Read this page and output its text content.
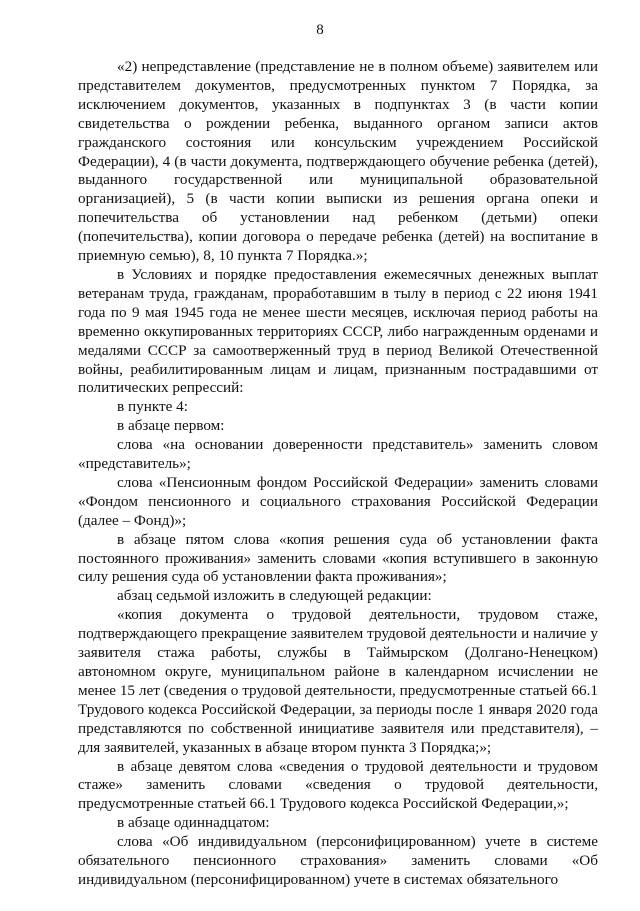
8

«2) непредставление (представление не в полном объеме) заявителем или представителем документов, предусмотренных пунктом 7 Порядка, за исключением документов, указанных в подпунктах 3 (в части копии свидетельства о рождении ребенка, выданного органом записи актов гражданского состояния или консульским учреждением Российской Федерации), 4 (в части документа, подтверждающего обучение ребенка (детей), выданного государственной или муниципальной образовательной организацией), 5 (в части копии выписки из решения органа опеки и попечительства об установлении над ребенком (детьми) опеки (попечительства), копии договора о передаче ребенка (детей) на воспитание в приемную семью), 8, 10 пункта 7 Порядка.»;

в Условиях и порядке предоставления ежемесячных денежных выплат ветеранам труда, гражданам, проработавшим в тылу в период с 22 июня 1941 года по 9 мая 1945 года не менее шести месяцев, исключая период работы на временно оккупированных территориях СССР, либо награжденным орденами и медалями СССР за самоотверженный труд в период Великой Отечественной войны, реабилитированным лицам и лицам, признанным пострадавшими от политических репрессий:

в пункте 4:

в абзаце первом:

слова «на основании доверенности представитель» заменить словом «представитель»;

слова «Пенсионным фондом Российской Федерации» заменить словами «Фондом пенсионного и социального страхования Российской Федерации (далее – Фонд)»;

в абзаце пятом слова «копия решения суда об установлении факта постоянного проживания» заменить словами «копия вступившего в законную силу решения суда об установлении факта проживания»;

абзац седьмой изложить в следующей редакции:

«копия документа о трудовой деятельности, трудовом стаже, подтверждающего прекращение заявителем трудовой деятельности и наличие у заявителя стажа работы, службы в Таймырском (Долгано-Ненецком) автономном округе, муниципальном районе в календарном исчислении не менее 15 лет (сведения о трудовой деятельности, предусмотренные статьей 66.1 Трудового кодекса Российской Федерации, за периоды после 1 января 2020 года представляются по собственной инициативе заявителя или представителя), – для заявителей, указанных в абзаце втором пункта 3 Порядка;»;

в абзаце девятом слова «сведения о трудовой деятельности и трудовом стаже» заменить словами «сведения о трудовой деятельности, предусмотренные статьей 66.1 Трудового кодекса Российской Федерации,»;

в абзаце одиннадцатом:

слова «Об индивидуальном (персонифицированном) учете в системе обязательного пенсионного страхования» заменить словами «Об индивидуальном (персонифицированном) учете в системах обязательного
